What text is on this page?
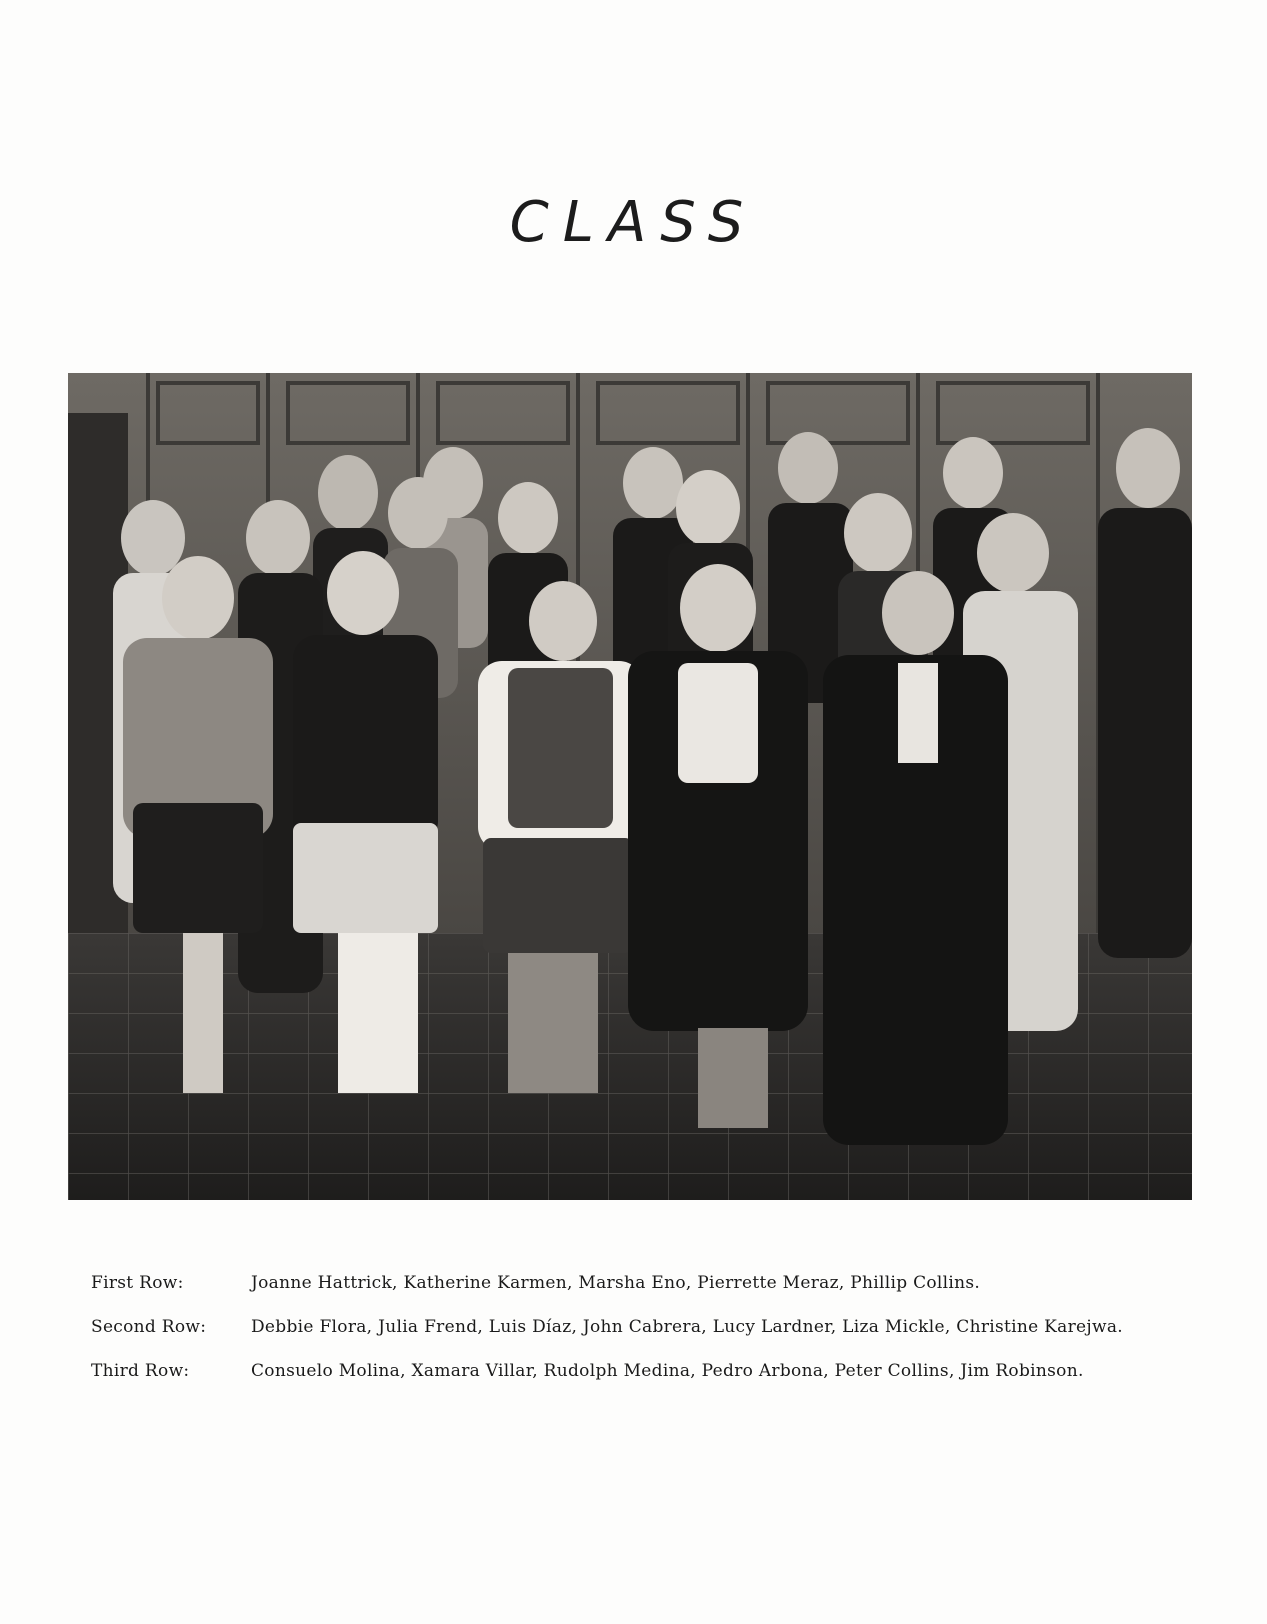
CLASS
First Row:	Joanne Hattrick, Katherine Karmen, Marsha Eno, Pierrette Meraz, Phillip Collins.
Second Row:	Debbie Flora, Julia Frend, Luis Díaz, John Cabrera, Lucy Lardner, Liza Mickle, Christine Karejwa.
Third Row:	Consuelo Molina, Xamara Villar, Rudolph Medina, Pedro Arbona, Peter Collins, Jim Robinson.
